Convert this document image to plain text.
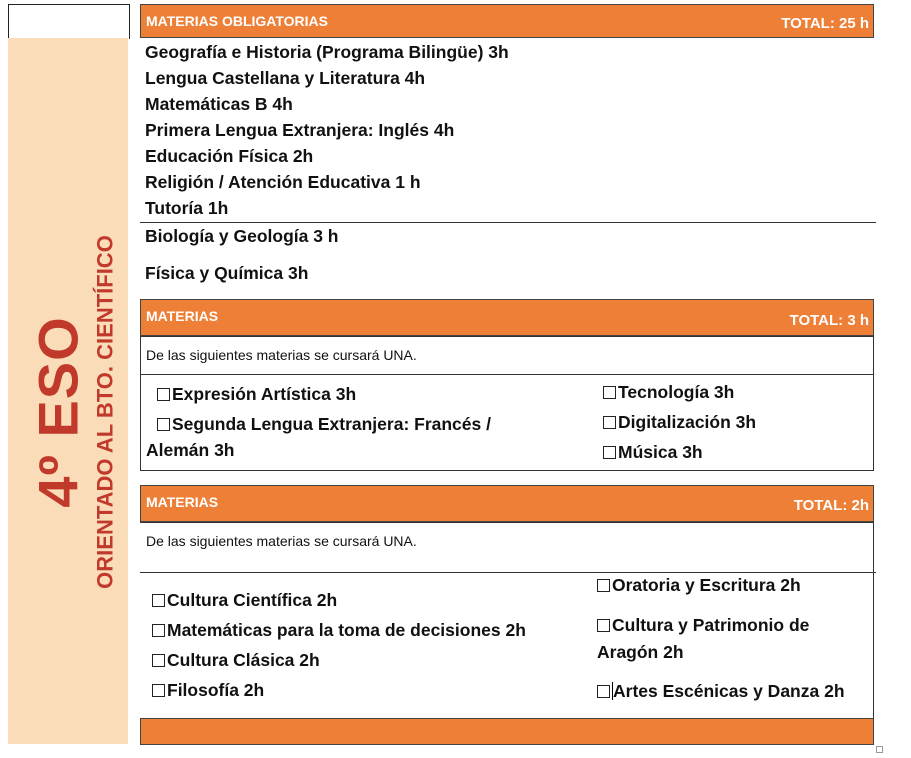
4º ESO ORIENTADO AL BTO. CIENTÍFICO
MATERIAS OBLIGATORIAS	TOTAL: 25 h
Geografía e Historia (Programa Bilingüe) 3h
Lengua Castellana y Literatura 4h
Matemáticas B 4h
Primera Lengua Extranjera: Inglés 4h
Educación Física 2h
Religión / Atención Educativa 1 h
Tutoría 1h
Biología y Geología 3 h
Física y Química 3h
MATERIAS	TOTAL: 3 h
De las siguientes materias se cursará UNA.
Expresión Artística 3h
Segunda Lengua Extranjera: Francés /
Alemán 3h
Tecnología 3h
Digitalización 3h
Música 3h
MATERIAS	TOTAL: 2h
De las siguientes materias se cursará UNA.
Cultura Científica 2h
Matemáticas para la toma de decisiones 2h
Cultura Clásica 2h
Filosofía 2h
Oratoria y Escritura 2h
Cultura y Patrimonio de
Aragón 2h
Artes Escénicas y Danza 2h
